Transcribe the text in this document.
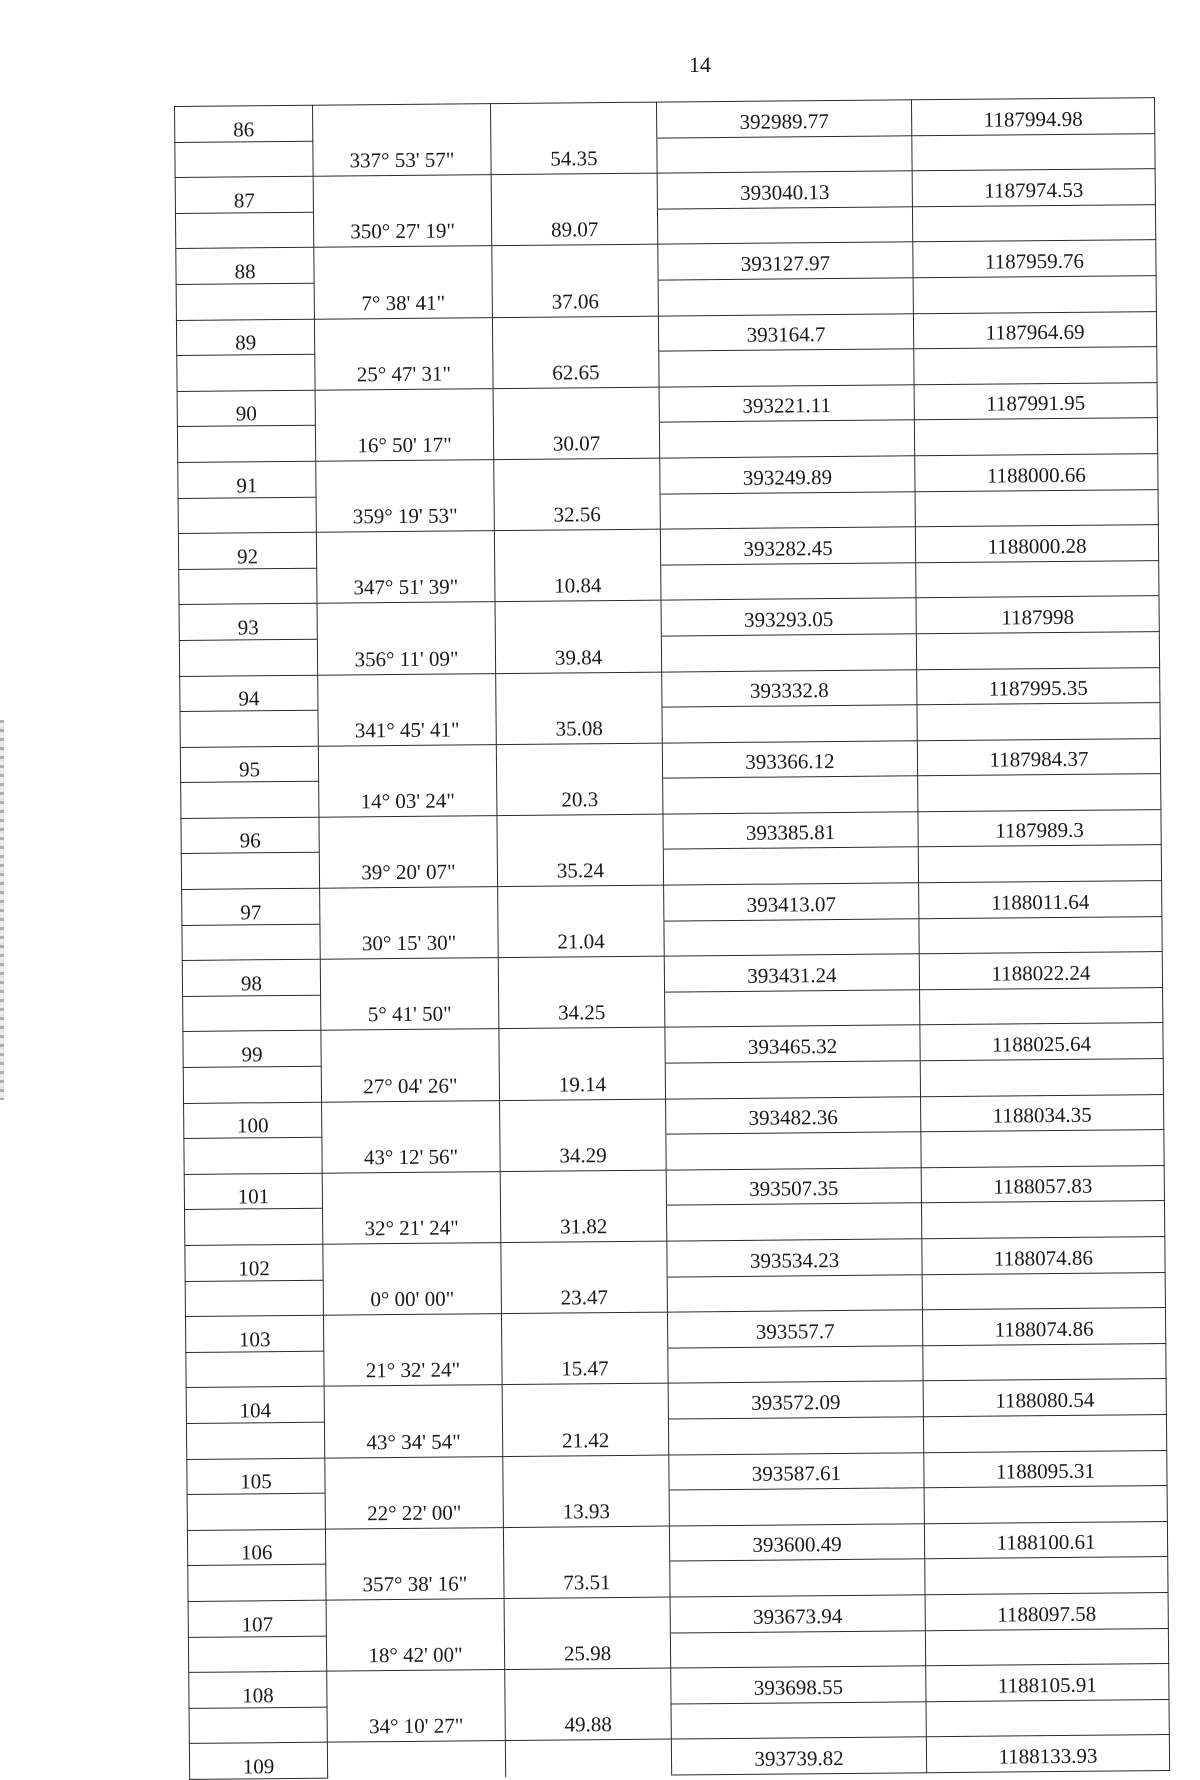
14
86			392989.77	1187994.98
	337° 53' 57"	54.35		
87			393040.13	1187974.53
	350° 27' 19"	89.07		
88			393127.97	1187959.76
	7° 38' 41"	37.06		
89			393164.7	1187964.69
	25° 47' 31"	62.65		
90			393221.11	1187991.95
	16° 50' 17"	30.07		
91			393249.89	1188000.66
	359° 19' 53"	32.56		
92			393282.45	1188000.28
	347° 51' 39"	10.84		
93			393293.05	1187998
	356° 11' 09"	39.84		
94			393332.8	1187995.35
	341° 45' 41"	35.08		
95			393366.12	1187984.37
	14° 03' 24"	20.3		
96			393385.81	1187989.3
	39° 20' 07"	35.24		
97			393413.07	1188011.64
	30° 15' 30"	21.04		
98			393431.24	1188022.24
	5° 41' 50"	34.25		
99			393465.32	1188025.64
	27° 04' 26"	19.14		
100			393482.36	1188034.35
	43° 12' 56"	34.29		
101			393507.35	1188057.83
	32° 21' 24"	31.82		
102			393534.23	1188074.86
	0° 00' 00"	23.47		
103			393557.7	1188074.86
	21° 32' 24"	15.47		
104			393572.09	1188080.54
	43° 34' 54"	21.42		
105			393587.61	1188095.31
	22° 22' 00"	13.93		
106			393600.49	1188100.61
	357° 38' 16"	73.51		
107			393673.94	1188097.58
	18° 42' 00"	25.98		
108			393698.55	1188105.91
	34° 10' 27"	49.88		
109			393739.82	1188133.93
